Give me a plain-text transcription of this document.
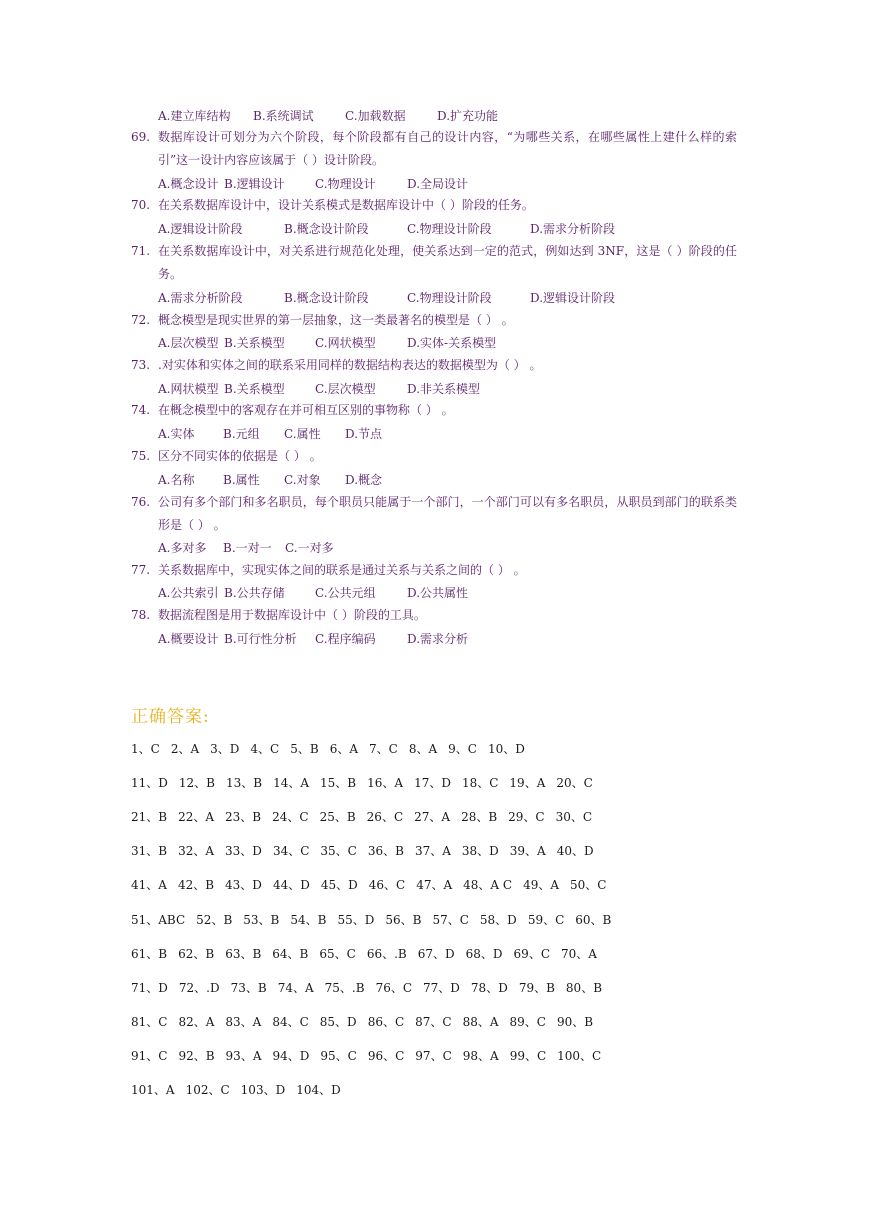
A.建立库结构 B.系统调试	C.加载数据	D.扩充功能
69. 数据库设计可划分为六个阶段，每个阶段都有自己的设计内容，“为哪些关系，在哪些属性上建什么样的索引”这一设计内容应该属于（ ）设计阶段。
A.概念设计 B.逻辑设计	C.物理设计	D.全局设计
70. 在关系数据库设计中，设计关系模式是数据库设计中（ ）阶段的任务。
A.逻辑设计阶段	B.概念设计阶段	C.物理设计阶段	D.需求分析阶段
71. 在关系数据库设计中，对关系进行规范化处理，使关系达到一定的范式，例如达到 3NF，这是（ ）阶段的任务。
A.需求分析阶段	B.概念设计阶段	C.物理设计阶段	D.逻辑设计阶段
72. 概念模型是现实世界的第一层抽象，这一类最著名的模型是（ ） 。
A.层次模型 B.关系模型	C.网状模型	D.实体-关系模型
73. .对实体和实体之间的联系采用同样的数据结构表达的数据模型为（ ） 。
A.网状模型 B.关系模型	C.层次模型	D.非关系模型
74. 在概念模型中的客观存在并可相互区别的事物称（ ） 。
A.实体 B.元组 C.属性 D.节点
75. 区分不同实体的依据是（ ） 。
A.名称 B.属性 C.对象 D.概念
76. 公司有多个部门和多名职员，每个职员只能属于一个部门，一个部门可以有多名职员，从职员到部门的联系类形是（ ） 。
A.多对多 B.一对一 C.一对多
77. 关系数据库中，实现实体之间的联系是通过关系与关系之间的（ ） 。
A.公共索引 B.公共存储	C.公共元组	D.公共属性
78. 数据流程图是用于数据库设计中（ ）阶段的工具。
A.概要设计 B.可行性分析 C.程序编码	D.需求分析
正确答案:
1、C 2、A 3、D 4、C 5、B 6、A 7、C 8、A 9、C 10、D
11、D 12、B 13、B 14、A 15、B 16、A 17、D 18、C 19、A 20、C
21、B 22、A 23、B 24、C 25、B 26、C 27、A 28、B 29、C 30、C
31、B 32、A 33、D 34、C 35、C 36、B 37、A 38、D 39、A 40、D
41、A 42、B 43、D 44、D 45、D 46、C 47、A 48、A C 49、A 50、C
51、ABC 52、B 53、B 54、B 55、D 56、B 57、C 58、D 59、C 60、B
61、B 62、B 63、B 64、B 65、C 66、.B 67、D 68、D 69、C 70、A
71、D 72、.D 73、B 74、A 75、.B 76、C 77、D 78、D 79、B 80、B
81、C 82、A 83、A 84、C 85、D 86、C 87、C 88、A 89、C 90、B
91、C 92、B 93、A 94、D 95、C 96、C 97、C 98、A 99、C 100、C
101、A 102、C 103、D 104、D
